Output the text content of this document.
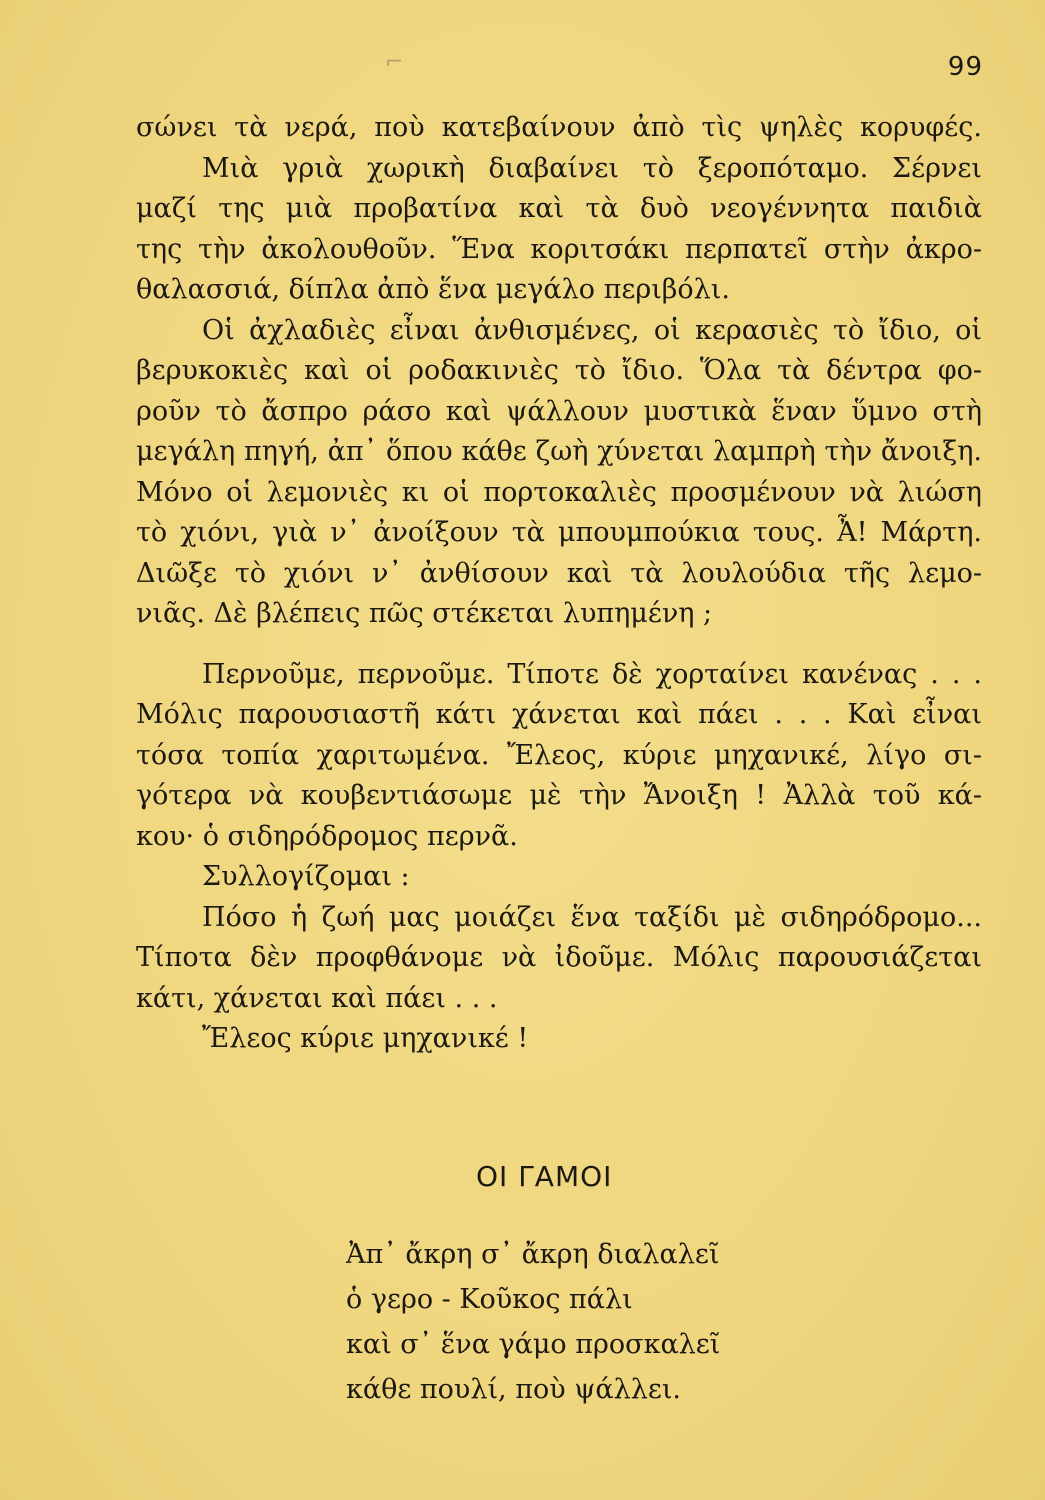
⌐	99
σώνει τὰ νερά, ποὺ κατεβαίνουν ἀπὸ τὶς ψηλὲς κορυφές.
Μιὰ γριὰ χωρικὴ διαβαίνει τὸ ξεροπόταμο. Σέρνει
μαζί της μιὰ προβατίνα καὶ τὰ δυὸ νεογέννητα παιδιὰ
της τὴν ἀκολουθοῦν. Ἕνα κοριτσάκι περπατεῖ στὴν ἀκρο-
θαλασσιά, δίπλα ἀπὸ ἕνα μεγάλο περιβόλι.
Οἱ ἀχλαδιὲς εἶναι ἀνθισμένες, οἱ κερασιὲς τὸ ἴδιο, οἱ
βερυκοκιὲς καὶ οἱ ροδακινιὲς τὸ ἴδιο. Ὅλα τὰ δέντρα φο-
ροῦν τὸ ἄσπρο ράσο καὶ ψάλλουν μυστικὰ ἕναν ὕμνο στὴ
μεγάλη πηγή, ἀπ᾽ ὅπου κάθε ζωὴ χύνεται λαμπρὴ τὴν ἄνοιξη.
Μόνο οἱ λεμονιὲς κι οἱ πορτοκαλιὲς προσμένουν νὰ λιώση
τὸ χιόνι, γιὰ ν᾽ ἀνοίξουν τὰ μπουμπούκια τους. Ἆ! Μάρτη.
Διῶξε τὸ χιόνι ν᾽ ἀνθίσουν καὶ τὰ λουλούδια τῆς λεμο-
νιᾶς. Δὲ βλέπεις πῶς στέκεται λυπημένη ;
Περνοῦμε, περνοῦμε. Τίποτε δὲ χορταίνει κανένας . . .
Μόλις παρουσιαστῆ κάτι χάνεται καὶ πάει . . . Καὶ εἶναι
τόσα τοπία χαριτωμένα. Ἔλεος, κύριε μηχανικέ, λίγο σι-
γότερα νὰ κουβεντιάσωμε μὲ τὴν Ἄνοιξη ! Ἀλλὰ τοῦ κά-
κου· ὁ σιδηρόδρομος περνᾶ.
Συλλογίζομαι :
Πόσο ἡ ζωή μας μοιάζει ἕνα ταξίδι μὲ σιδηρόδρομο...
Τίποτα δὲν προφθάνομε νὰ ἰδοῦμε. Μόλις παρουσιάζεται
κάτι, χάνεται καὶ πάει . . .
Ἔλεος κύριε μηχανικέ !
ΟΙ ΓΑΜΟΙ
Ἀπ᾽ ἄκρη σ᾽ ἄκρη διαλαλεῖ
ὁ γερο - Κοῦκος πάλι
καὶ σ᾽ ἕνα γάμο προσκαλεῖ
κάθε πουλί, ποὺ ψάλλει.
